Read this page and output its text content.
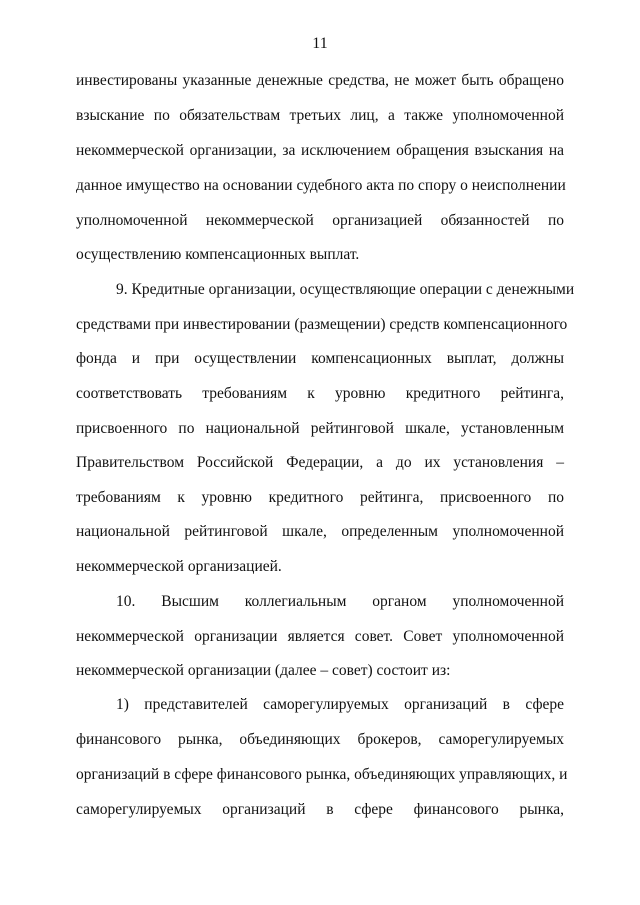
11
инвестированы указанные денежные средства, не может быть обращено
взыскание по обязательствам третьих лиц, а также уполномоченной
некоммерческой организации, за исключением обращения взыскания на
данное имущество на основании судебного акта по спору о неисполнении
уполномоченной некоммерческой организацией обязанностей по
осуществлению компенсационных выплат.
9. Кредитные организации, осуществляющие операции с денежными
средствами при инвестировании (размещении) средств компенсационного
фонда и при осуществлении компенсационных выплат, должны
соответствовать требованиям к уровню кредитного рейтинга,
присвоенного по национальной рейтинговой шкале, установленным
Правительством Российской Федерации, а до их установления –
требованиям к уровню кредитного рейтинга, присвоенного по
национальной рейтинговой шкале, определенным уполномоченной
некоммерческой организацией.
10. Высшим коллегиальным органом уполномоченной
некоммерческой организации является совет. Совет уполномоченной
некоммерческой организации (далее – совет) состоит из:
1) представителей саморегулируемых организаций в сфере
финансового рынка, объединяющих брокеров, саморегулируемых
организаций в сфере финансового рынка, объединяющих управляющих, и
саморегулируемых организаций в сфере финансового рынка,
